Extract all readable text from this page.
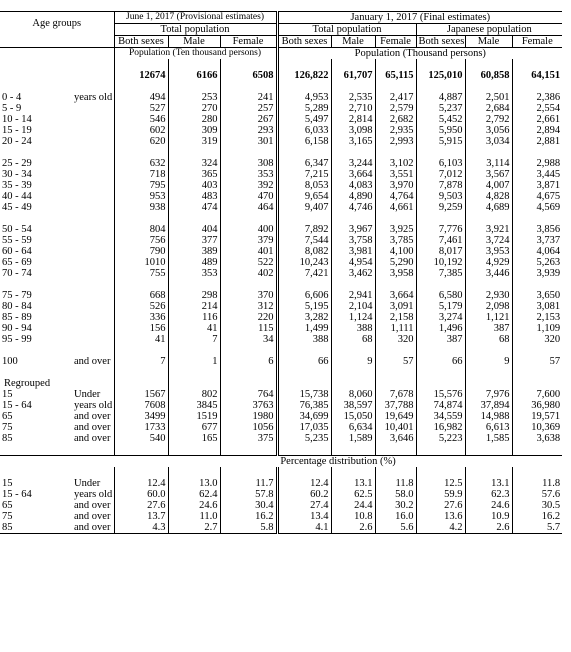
Age groups		June 1, 2017 (Provisional estimates)			January 1, 2017 (Final estimates)					
		Total population			Total population			Japanese population		
		Both sexes	Male	Female	Both sexes	Male	Female	Both sexes	Male	Female
		Population (Ten thousand persons)			Population (Thousand persons)					

		12674	6166	6508	126,822	61,707	65,115	125,010	60,858	64,151

0 - 4	years old	494	253	241	4,953	2,535	2,417	4,887	2,501	2,386
5 - 9		527	270	257	5,289	2,710	2,579	5,237	2,684	2,554
10 - 14		546	280	267	5,497	2,814	2,682	5,452	2,792	2,661
15 - 19		602	309	293	6,033	3,098	2,935	5,950	3,056	2,894
20 - 24		620	319	301	6,158	3,165	2,993	5,915	3,034	2,881

25 - 29		632	324	308	6,347	3,244	3,102	6,103	3,114	2,988
30 - 34		718	365	353	7,215	3,664	3,551	7,012	3,567	3,445
35 - 39		795	403	392	8,053	4,083	3,970	7,878	4,007	3,871
40 - 44		953	483	470	9,654	4,890	4,764	9,503	4,828	4,675
45 - 49		938	474	464	9,407	4,746	4,661	9,259	4,689	4,569

50 - 54		804	404	400	7,892	3,967	3,925	7,776	3,921	3,856
55 - 59		756	377	379	7,544	3,758	3,785	7,461	3,724	3,737
60 - 64		790	389	401	8,082	3,981	4,100	8,017	3,953	4,064
65 - 69		1010	489	522	10,243	4,954	5,290	10,192	4,929	5,263
70 - 74		755	353	402	7,421	3,462	3,958	7,385	3,446	3,939

75 - 79		668	298	370	6,606	2,941	3,664	6,580	2,930	3,650
80 - 84		526	214	312	5,195	2,104	3,091	5,179	2,098	3,081
85 - 89		336	116	220	3,282	1,124	2,158	3,274	1,121	2,153
90 - 94		156	41	115	1,499	388	1,111	1,496	387	1,109
95 - 99		41	7	34	388	68	320	387	68	320

100	and over	7	1	6	66	9	57	66	9	57

Regrouped										
15	Under	1567	802	764	15,738	8,060	7,678	15,576	7,976	7,600
15 - 64	years old	7608	3845	3763	76,385	38,597	37,788	74,874	37,894	36,980
65	and over	3499	1519	1980	34,699	15,050	19,649	34,559	14,988	19,571
75	and over	1733	677	1056	17,035	6,634	10,401	16,982	6,613	10,369
85	and over	540	165	375	5,235	1,589	3,646	5,223	1,585	3,638

		Percentage distribution (%)								

15	Under	12.4	13.0	11.7	12.4	13.1	11.8	12.5	13.1	11.8
15 - 64	years old	60.0	62.4	57.8	60.2	62.5	58.0	59.9	62.3	57.6
65	and over	27.6	24.6	30.4	27.4	24.4	30.2	27.6	24.6	30.5
75	and over	13.7	11.0	16.2	13.4	10.8	16.0	13.6	10.9	16.2
85	and over	4.3	2.7	5.8	4.1	2.6	5.6	4.2	2.6	5.7
